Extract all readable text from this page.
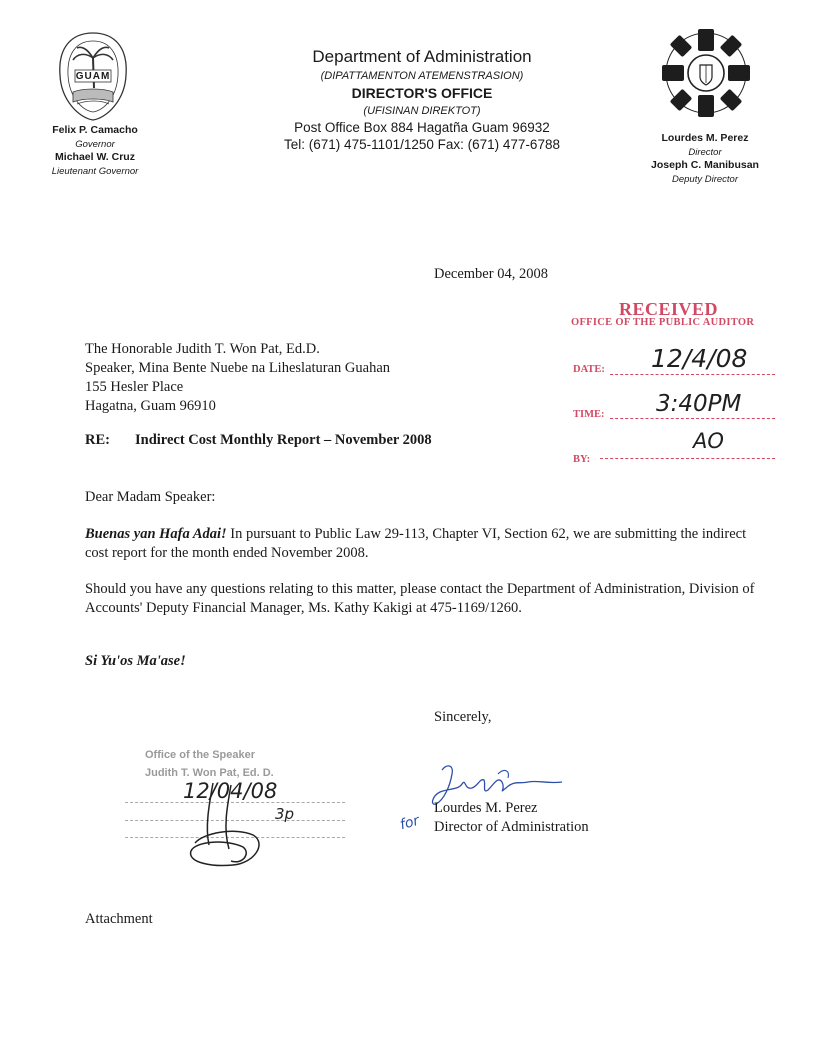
GUAM
Felix P. Camacho
Governor
Michael W. Cruz
Lieutenant Governor
Department of Administration
(DIPATTAMENTON ATEMENSTRASION)
DIRECTOR'S OFFICE
(UFISINAN DIREKTOT)
Post Office Box 884 Hagatña Guam 96932
Tel: (671) 475-1101/1250 Fax: (671) 477-6788	Lourdes M. Perez
Director
Joseph C. Manibusan
Deputy Director
RECEIVED
OFFICE OF THE PUBLIC AUDITOR
DATE: 12/4/08
TIME: 3:40PM
BY:
AO
December 04, 2008
The Honorable Judith T. Won Pat, Ed.D.
Speaker, Mina Bente Nuebe na Liheslaturan Guahan
155 Hesler Place
Hagatna, Guam 96910
RE: Indirect Cost Monthly Report – November 2008
Dear Madam Speaker:
Buenas yan Hafa Adai! In pursuant to Public Law 29-113, Chapter VI, Section 62, we are submitting the indirect cost report for the month ended November 2008.
Should you have any questions relating to this matter, please contact the Department of Administration, Division of Accounts' Deputy Financial Manager, Ms. Kathy Kakigi at 475-1169/1260.
Si Yu'os Ma'ase!
Sincerely,
for
Lourdes M. Perez
Director of Administration
Office of the Speaker
Judith T. Won Pat, Ed. D.
12/04/08
3p
Attachment
